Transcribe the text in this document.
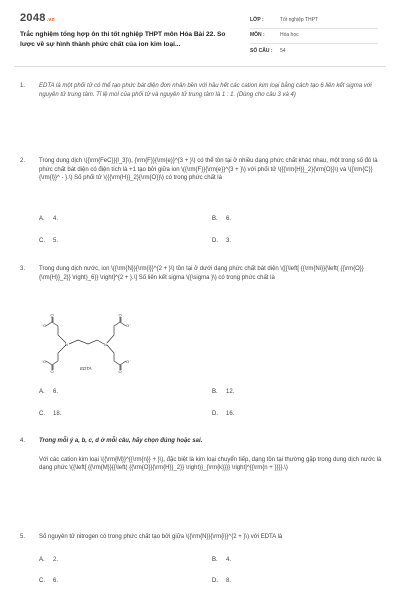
2048.vn
Trắc nghiệm tổng hợp ôn thi tốt nghiệp THPT môn Hóa Bài 22. So lược về sự hình thành phức chất của ion kim loại...
LỚP :	Tốt nghiệp THPT
MÔN :	Hóa học
SỐ CÂU :	54
1. EDTA là một phối tử có thể tạo phức bát diện đơn nhân bền với hầu hết các cation kim loại bằng cách tạo 6 liên kết sigma với nguyên tử trung tâm. Tỉ lệ mol của phối tử và nguyên tử trung tâm là 1 : 1. (Dùng cho câu 3 và 4)
2. Trong dung dịch \({\rm{FeC}}{l_3}\), {\rm{F}}{\rm{e}}^{3 + }\) có thể tồn tại ở nhiều dạng phức chất khác nhau, một trong số đó là phức chất bát diện có điện tích là +1 tạo bởi giữa ion \({\rm{F}}{\rm{e}}^{3 + }\) với phối tử \({{\rm{H}}_2}{\rm{O}}\) và \({\rm{C}}{\rm{l}}^ - }.\) Số phối tử \({{\rm{H}}_2}{\rm{O}}\) có trong phức chất là
A. 4.	B. 6.
C. 5.	D. 3.
3. Trong dung dịch nước, ion \({\rm{N}}{\rm{i}}^{2 + }\) tồn tại ở dưới dạng phức chất bát diện \([{\left[ {{\rm{Ni}}{\left( {{\rm{O}}{\rm{H}}_2}} \right)_6}} \right]^{2 + }.\] Số liên kết sigma \({\sigma }\) có trong phức chất là
⁻O
O
N
⁻O
O
N
O⁻
O
O⁻
O
EDTA
A. 6.	B. 12.
C. 18.	D. 16.
4. Trong mỗi ý a, b, c, d ở mỗi câu, hãy chọn đúng hoặc sai.
Với các cation kim loại \({\rm{M}}^{{\rm{n}} + }\), đặc biệt là kim loại chuyển tiếp, dạng tồn tại thường gặp trong dung dịch nước là dạng phức \({\left[ {{\rm{M}}{{\left( {{\rm{O}}{\rm{H}}_2}} \right)}_{\rm{k}}}} \right]^{{\rm{n + }}}}.\)
5. Số nguyên tử nitrogen có trong phức chất tạo bởi giữa \({\rm{N}}{\rm{i}}^{2 + }\) với EDTA là
A. 2.	B. 4.
C. 6.	D. 8.
